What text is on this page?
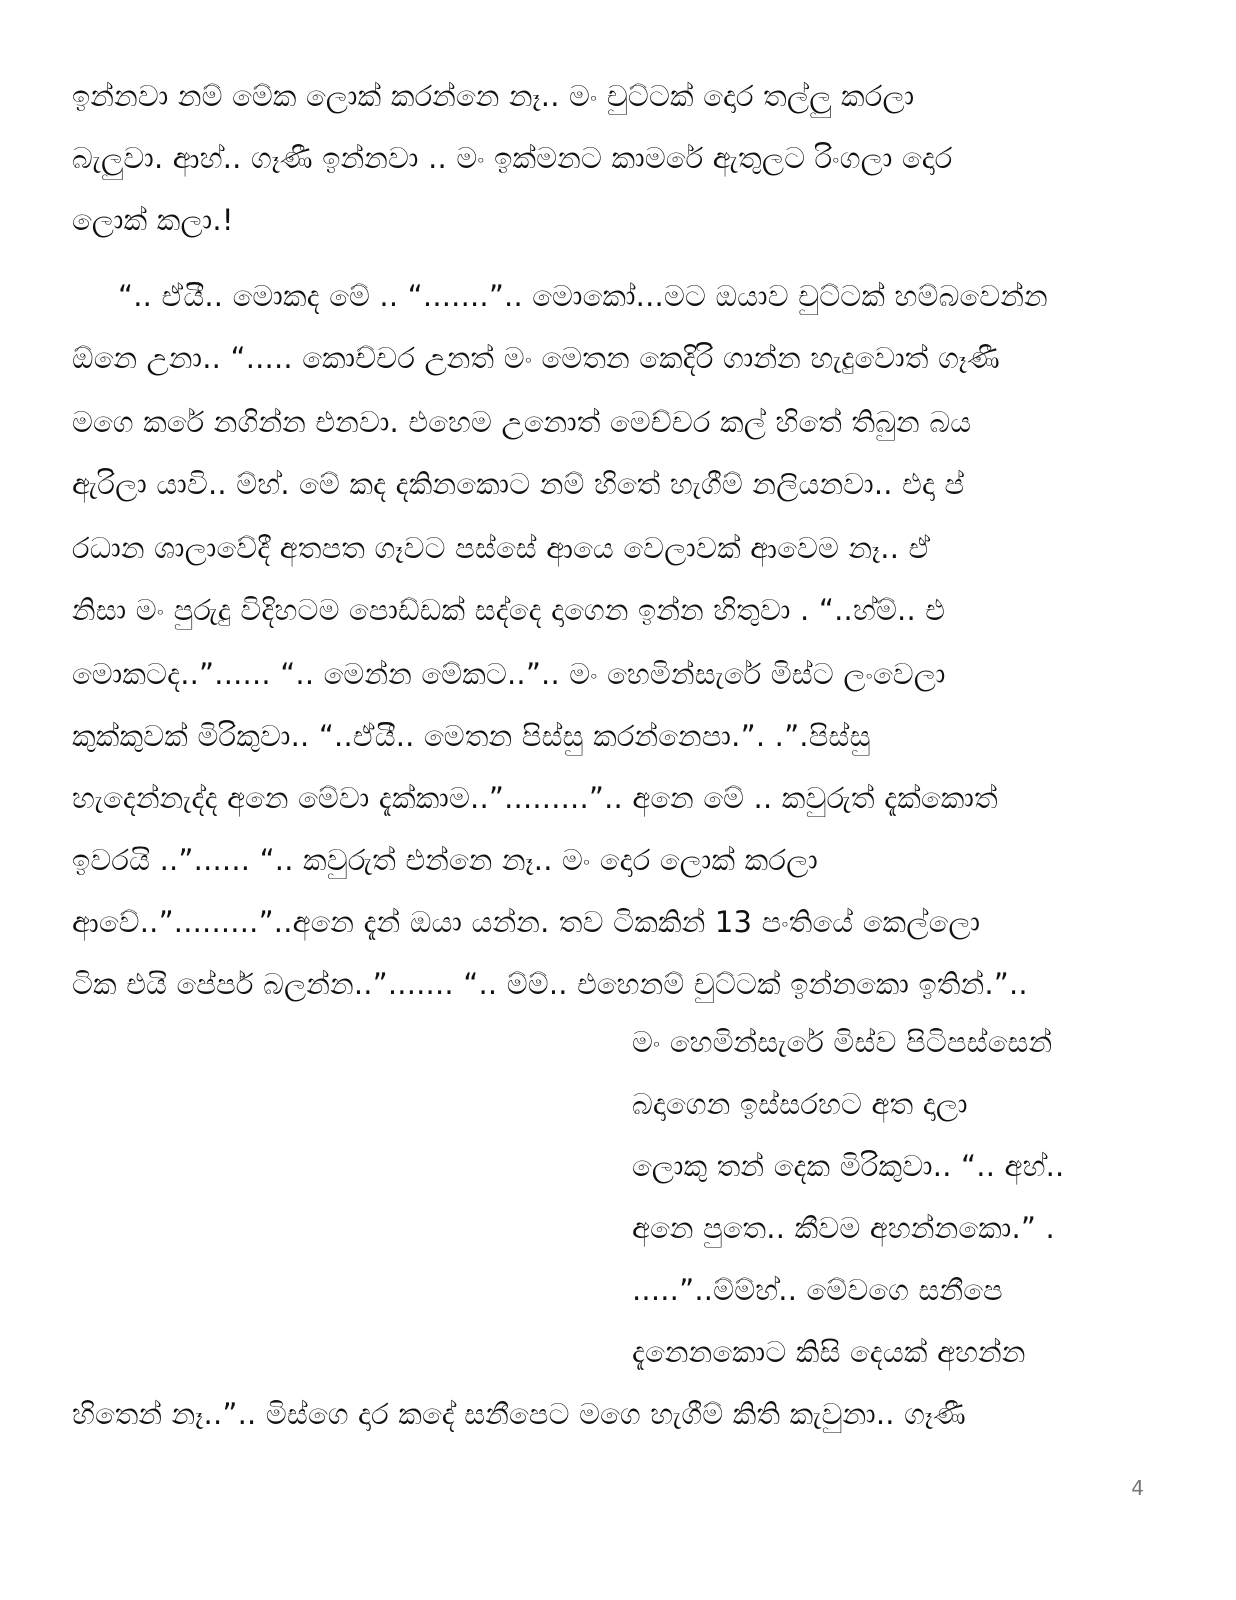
ඉන්නවා නම් මේක ලොක් කරන්නෙ නෑ.. මං චුට්ටක් දොර තල්ලු කරලා
බැලුවා. ආහ්.. ගෑණී ඉන්නවා .. මං ඉක්මනට කාමරේ ඇතුලට රිංගලා දොර
ලොක් කලා.!
“.. ඒයී.. මොකද මේ .. “.......”.. මොකෝ...මට ඔයාව චුට්ටක් හම්බවෙන්න
ඕනෙ උනා.. “..... කොච්චර උනත් මං මෙතන කෙදිරි ගාන්න හැදුවොත් ගෑණී
මගෙ කරේ නගින්න එනවා. එහෙම උනොත් මෙච්චර කල් හිතේ තිබුන බය
ඇරිලා යාවි.. ම්හ්. මේ කද දකිනකොට නම් හිතේ හැගීම් නලියනවා.. එදා ප්
රධාන ශාලාවේදී අතපත ගෑවට පස්සේ ආයෙ වෙලාවක් ආවෙම නෑ.. ඒ
නිසා මං පුරුදු විදිහටම පොඩ්ඩක් සද්දෙ දාගෙන ඉන්න හිතුවා . “..හ්ම්.. එ
මොකටද..”...... “.. මෙන්න මේකට..”.. මං හෙමින්සැරේ මිස්ට ලංවෙලා
කුක්කුවක් මිරිකුවා.. “..ඒයී.. මෙතන පිස්සු කරන්නෙපා.”. .”.පිස්සු
හැදෙන්නැද්ද අනෙ මේවා දැක්කාම..”.........”.. අනෙ මේ .. කවුරුත් දැක්කොත්
ඉවරයි ..”...... “.. කවුරුත් එන්නෙ නෑ.. මං දොර ලොක් කරලා
ආවේ..”.........”..අනෙ දැන් ඔයා යන්න. තව ටිකකින් 13 පංතියේ කෙල්ලො
ටික එයි පේපර් බලන්න..”....... “.. ම්ම්.. එහෙනම් චුට්ටක් ඉන්නකො ඉතින්.”..
මං හෙමින්සැරේ මිස්ව පිටිපස්සෙන්
බදාගෙන ඉස්සරහට අත දාලා
ලොකු තන් දෙක මිරිකුවා.. “.. අහ්..
අනෙ පුතෙ.. කීවම අහන්නකො.” .
.....”..ම්ම්හ්.. මේවගෙ සනීපෙ
දැනෙනකොට කිසි දෙයක් අහන්න
හිතෙන් නෑ..”.. මිස්ගෙ දාර කදේ සනීපෙට මගෙ හැගීම් කිති කැවුනා.. ගෑණී
4
